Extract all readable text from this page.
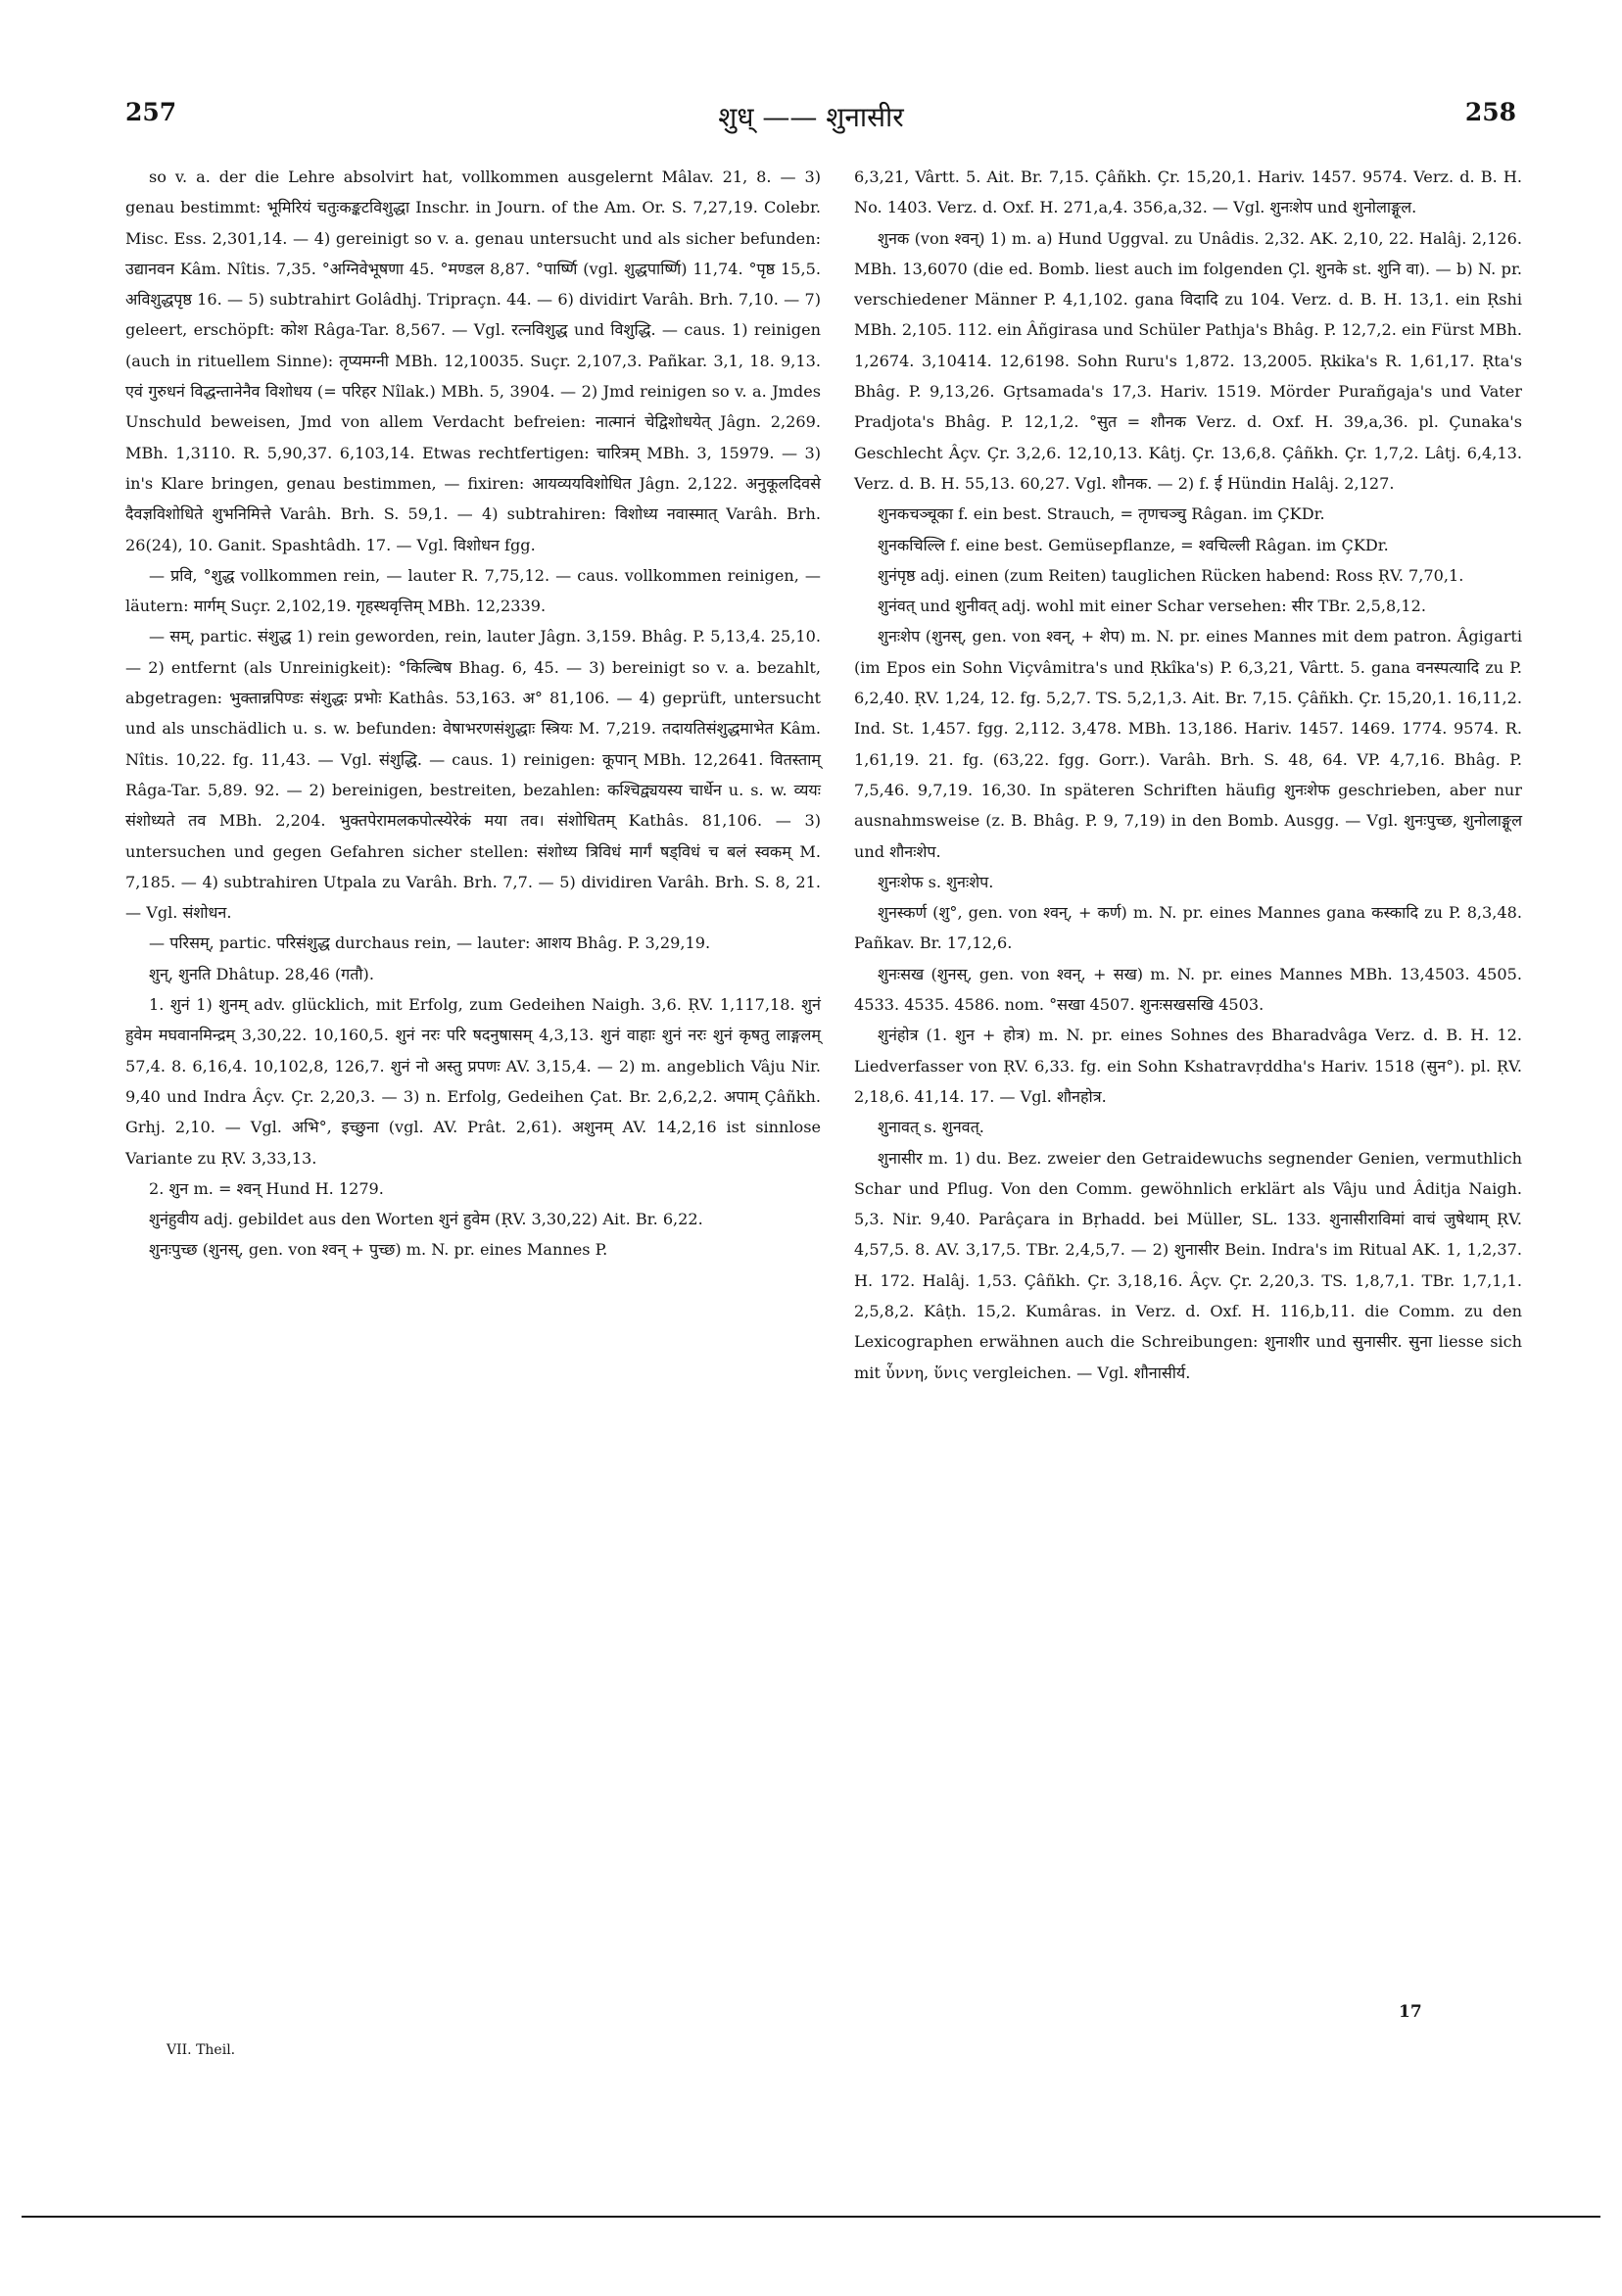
257	शुध् —— शुनासीर	258

so v. a. der die Lehre absolvirt hat, vollkommen ausgelernt Mâlav. 21, 8. — 3) genau bestimmt: भूमिरियं चतुःकङ्कटविशुद्धा Inschr. in Journ. of the Am. Or. S. 7,27,19. Colebr. Misc. Ess. 2,301,14. — 4) gereinigt so v. a. genau untersucht und als sicher befunden: उद्यानवन Kâm. Nîtis. 7,35. °अग्निवेभूषणा 45. °मण्डल 8,87. °पार्ष्णि (vgl. शुद्धपार्ष्णि) 11,74. °पृष्ठ 15,5. अविशुद्धपृष्ठ 16. — 5) subtrahirt Golâdhj. Tripraçn. 44. — 6) dividirt Varâh. Brh. 7,10. — 7) geleert, erschöpft: कोश Râga-Tar. 8,567. — Vgl. रत्नविशुद्ध und विशुद्धि. — caus. 1) reinigen (auch in rituellem Sinne): तृप्यमग्नी MBh. 12,10035. Suçr. 2,107,3. Pañkar. 3,1, 18. 9,13. एवं गुरुधनं विद्धन्तानेनैव विशोधय (= परिहर Nîlak.) MBh. 5, 3904. — 2) Jmd reinigen so v. a. Jmdes Unschuld beweisen, Jmd von allem Verdacht befreien: नात्मानं चेद्विशोधयेत् Jâgn. 2,269. MBh. 1,3110. R. 5,90,37. 6,103,14. Etwas rechtfertigen: चारित्रम् MBh. 3, 15979. — 3) in's Klare bringen, genau bestimmen, — fixiren: आयव्ययविशोधित Jâgn. 2,122. अनुकूलदिवसे दैवज्ञविशोधिते शुभनिमित्ते Varâh. Brh. S. 59,1. — 4) subtrahiren: विशोध्य नवास्मात् Varâh. Brh. 26(24), 10. Ganit. Spashtâdh. 17. — Vgl. विशोधन fgg.

— प्रवि, °शुद्ध vollkommen rein, — lauter R. 7,75,12. — caus. vollkommen reinigen, — läutern: मार्गम् Suçr. 2,102,19. गृहस्थवृत्तिम् MBh. 12,2339.

— सम्, partic. संशुद्ध 1) rein geworden, rein, lauter Jâgn. 3,159. Bhâg. P. 5,13,4. 25,10. — 2) entfernt (als Unreinigkeit): °किल्बिष Bhag. 6, 45. — 3) bereinigt so v. a. bezahlt, abgetragen: भुक्तान्नपिण्डः संशुद्धः प्रभोः Kathâs. 53,163. अ° 81,106. — 4) geprüft, untersucht und als unschädlich u. s. w. befunden: वेषाभरणसंशुद्धाः स्त्रियः M. 7,219. तदायतिसंशुद्धमाभेत Kâm. Nîtis. 10,22. fg. 11,43. — Vgl. संशुद्धि. — caus. 1) reinigen: कूपान् MBh. 12,2641. वितस्ताम् Râga-Tar. 5,89. 92. — 2) bereinigen, bestreiten, bezahlen: कश्चिद्व्ययस्य चार्धेन u. s. w. व्ययः संशोध्यते तव MBh. 2,204. भुक्तपेरामलकपोत्स्येरेकं मया तव। संशोधितम् Kathâs. 81,106. — 3) untersuchen und gegen Gefahren sicher stellen: संशोध्य त्रिविधं मार्गं षड्विधं च बलं स्वकम् M. 7,185. — 4) subtrahiren Utpala zu Varâh. Brh. 7,7. — 5) dividiren Varâh. Brh. S. 8, 21. — Vgl. संशोधन.

— परिसम्, partic. परिसंशुद्ध durchaus rein, — lauter: आशय Bhâg. P. 3,29,19.

शुन्, शुनति Dhâtup. 28,46 (गतौ).

1. शुनं 1) शुनम् adv. glücklich, mit Erfolg, zum Gedeihen Naigh. 3,6. ṚV. 1,117,18. शुनं हुवेम मघवानमिन्द्रम् 3,30,22. 10,160,5. शुनं नरः परि षदनुषासम् 4,3,13. शुनं वाहाः शुनं नरः शुनं कृषतु लाङ्गलम् 57,4. 8. 6,16,4. 10,102,8, 126,7. शुनं नो अस्तु प्रपणः AV. 3,15,4. — 2) m. angeblich Vâju Nir. 9,40 und Indra Âçv. Çr. 2,20,3. — 3) n. Erfolg, Gedeihen Çat. Br. 2,6,2,2. अपाम् Çâñkh. Grhj. 2,10. — Vgl. अभि°, इच्छुना (vgl. AV. Prât. 2,61). अशुनम् AV. 14,2,16 ist sinnlose Variante zu ṚV. 3,33,13.

2. शुन m. = श्वन् Hund H. 1279.

शुनंहुवीय adj. gebildet aus den Worten शुनं हुवेम (ṚV. 3,30,22) Ait. Br. 6,22.

शुनःपुच्छ (शुनस्, gen. von श्वन् + पुच्छ) m. N. pr. eines Mannes P.

6,3,21, Vârtt. 5. Ait. Br. 7,15. Çâñkh. Çr. 15,20,1. Hariv. 1457. 9574. Verz. d. B. H. No. 1403. Verz. d. Oxf. H. 271,a,4. 356,a,32. — Vgl. शुनःशेप und शुनोलाङ्गूल.

शुनक (von श्वन्) 1) m. a) Hund Uggval. zu Unâdis. 2,32. AK. 2,10, 22. Halâj. 2,126. MBh. 13,6070 (die ed. Bomb. liest auch im folgenden Çl. शुनके st. शुनि वा). — b) N. pr. verschiedener Männer P. 4,1,102. gana विदादि zu 104. Verz. d. B. H. 13,1. ein Ṛshi MBh. 2,105. 112. ein Âñgirasa und Schüler Pathja's Bhâg. P. 12,7,2. ein Fürst MBh. 1,2674. 3,10414. 12,6198. Sohn Ruru's 1,872. 13,2005. Ṛkika's R. 1,61,17. Ṛta's Bhâg. P. 9,13,26. Gṛtsamada's 17,3. Hariv. 1519. Mörder Purañgaja's und Vater Pradjota's Bhâg. P. 12,1,2. °सुत = शौनक Verz. d. Oxf. H. 39,a,36. pl. Çunaka's Geschlecht Âçv. Çr. 3,2,6. 12,10,13. Kâtj. Çr. 13,6,8. Çâñkh. Çr. 1,7,2. Lâtj. 6,4,13. Verz. d. B. H. 55,13. 60,27. Vgl. शौनक. — 2) f. ई Hündin Halâj. 2,127.

शुनकचञ्चूका f. ein best. Strauch, = तृणचञ्चु Râgan. im ÇKDr.

शुनकचिल्लि f. eine best. Gemüsepflanze, = श्वचिल्ली Râgan. im ÇKDr.

शुनंपृष्ठ adj. einen (zum Reiten) tauglichen Rücken habend: Ross ṚV. 7,70,1.

शुनंवत् und शुनीवत् adj. wohl mit einer Schar versehen: सीर TBr. 2,5,8,12.

शुनःशेप (शुनस्, gen. von श्वन्, + शेप) m. N. pr. eines Mannes mit dem patron. Âgigarti (im Epos ein Sohn Viçvâmitra's und Ṛkîka's) P. 6,3,21, Vârtt. 5. gana वनस्पत्यादि zu P. 6,2,40. ṚV. 1,24, 12. fg. 5,2,7. TS. 5,2,1,3. Ait. Br. 7,15. Çâñkh. Çr. 15,20,1. 16,11,2. Ind. St. 1,457. fgg. 2,112. 3,478. MBh. 13,186. Hariv. 1457. 1469. 1774. 9574. R. 1,61,19. 21. fg. (63,22. fgg. Gorr.). Varâh. Brh. S. 48, 64. VP. 4,7,16. Bhâg. P. 7,5,46. 9,7,19. 16,30. In späteren Schriften häufig शुनःशेफ geschrieben, aber nur ausnahmsweise (z. B. Bhâg. P. 9, 7,19) in den Bomb. Ausgg. — Vgl. शुनःपुच्छ, शुनोलाङ्गूल und शौनःशेप.

शुनःशेफ s. शुनःशेप.

शुनस्कर्ण (शु°, gen. von श्वन्, + कर्ण) m. N. pr. eines Mannes gana कस्कादि zu P. 8,3,48. Pañkav. Br. 17,12,6.

शुनःसख (शुनस्, gen. von श्वन्, + सख) m. N. pr. eines Mannes MBh. 13,4503. 4505. 4533. 4535. 4586. nom. °सखा 4507. शुनःसखसखि 4503.

शुनंहोत्र (1. शुन + होत्र) m. N. pr. eines Sohnes des Bharadvâga Verz. d. B. H. 12. Liedverfasser von ṚV. 6,33. fg. ein Sohn Kshatravṛddha's Hariv. 1518 (सुन°). pl. ṚV. 2,18,6. 41,14. 17. — Vgl. शौनहोत्र.

शुनावत् s. शुनवत्.

शुनासीर m. 1) du. Bez. zweier den Getraidewuchs segnender Genien, vermuthlich Schar und Pflug. Von den Comm. gewöhnlich erklärt als Vâju und Âditja Naigh. 5,3. Nir. 9,40. Parâçara in Bṛhadd. bei Müller, SL. 133. शुनासीराविमां वाचं जुषेथाम् ṚV. 4,57,5. 8. AV. 3,17,5. TBr. 2,4,5,7. — 2) शुनासीर Bein. Indra's im Ritual AK. 1, 1,2,37. H. 172. Halâj. 1,53. Çâñkh. Çr. 3,18,16. Âçv. Çr. 2,20,3. TS. 1,8,7,1. TBr. 1,7,1,1. 2,5,8,2. Kâṭh. 15,2. Kumâras. in Verz. d. Oxf. H. 116,b,11. die Comm. zu den Lexicographen erwähnen auch die Schreibungen: शुनाशीर und सुनासीर. सुना liesse sich mit ὗννη, ὕνις vergleichen. — Vgl. शौनासीर्य.

VII. Theil.
17
